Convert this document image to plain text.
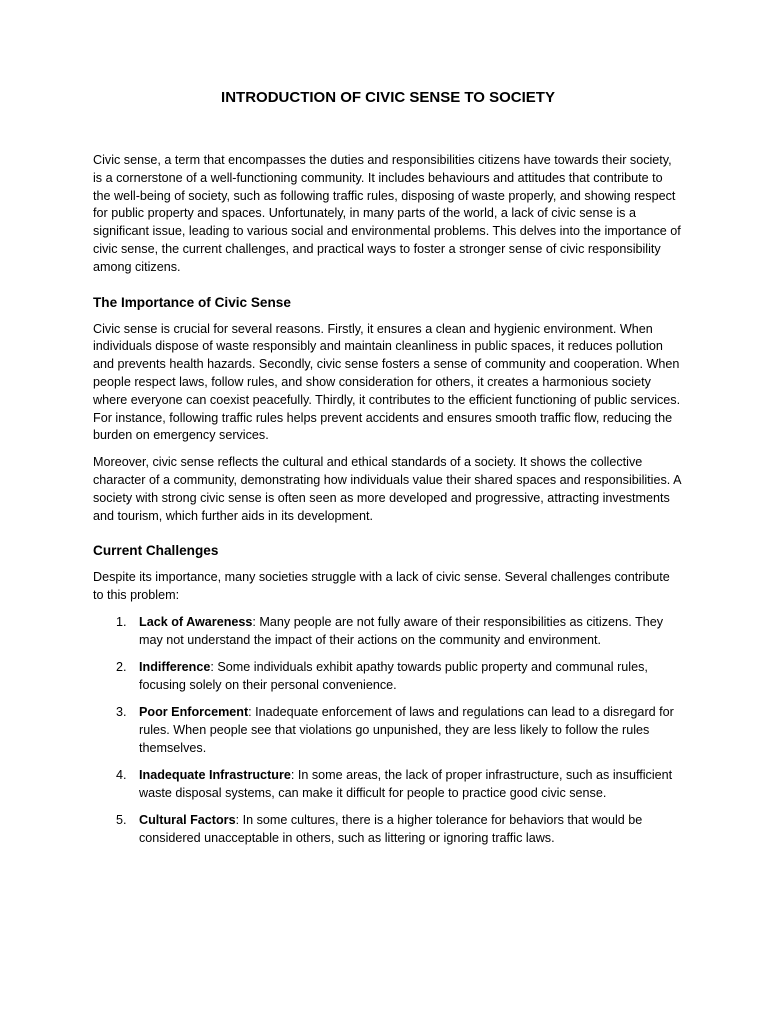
INTRODUCTION OF CIVIC SENSE TO SOCIETY

Civic sense, a term that encompasses the duties and responsibilities citizens have towards their society, is a cornerstone of a well-functioning community. It includes behaviours and attitudes that contribute to the well-being of society, such as following traffic rules, disposing of waste properly, and showing respect for public property and spaces. Unfortunately, in many parts of the world, a lack of civic sense is a significant issue, leading to various social and environmental problems. This delves into the importance of civic sense, the current challenges, and practical ways to foster a stronger sense of civic responsibility among citizens.

The Importance of Civic Sense

Civic sense is crucial for several reasons. Firstly, it ensures a clean and hygienic environment. When individuals dispose of waste responsibly and maintain cleanliness in public spaces, it reduces pollution and prevents health hazards. Secondly, civic sense fosters a sense of community and cooperation. When people respect laws, follow rules, and show consideration for others, it creates a harmonious society where everyone can coexist peacefully. Thirdly, it contributes to the efficient functioning of public services. For instance, following traffic rules helps prevent accidents and ensures smooth traffic flow, reducing the burden on emergency services.

Moreover, civic sense reflects the cultural and ethical standards of a society. It shows the collective character of a community, demonstrating how individuals value their shared spaces and responsibilities. A society with strong civic sense is often seen as more developed and progressive, attracting investments and tourism, which further aids in its development.

Current Challenges

Despite its importance, many societies struggle with a lack of civic sense. Several challenges contribute to this problem:

1. Lack of Awareness: Many people are not fully aware of their responsibilities as citizens. They may not understand the impact of their actions on the community and environment.
2. Indifference: Some individuals exhibit apathy towards public property and communal rules, focusing solely on their personal convenience.
3. Poor Enforcement: Inadequate enforcement of laws and regulations can lead to a disregard for rules. When people see that violations go unpunished, they are less likely to follow the rules themselves.
4. Inadequate Infrastructure: In some areas, the lack of proper infrastructure, such as insufficient waste disposal systems, can make it difficult for people to practice good civic sense.
5. Cultural Factors: In some cultures, there is a higher tolerance for behaviors that would be considered unacceptable in others, such as littering or ignoring traffic laws.
